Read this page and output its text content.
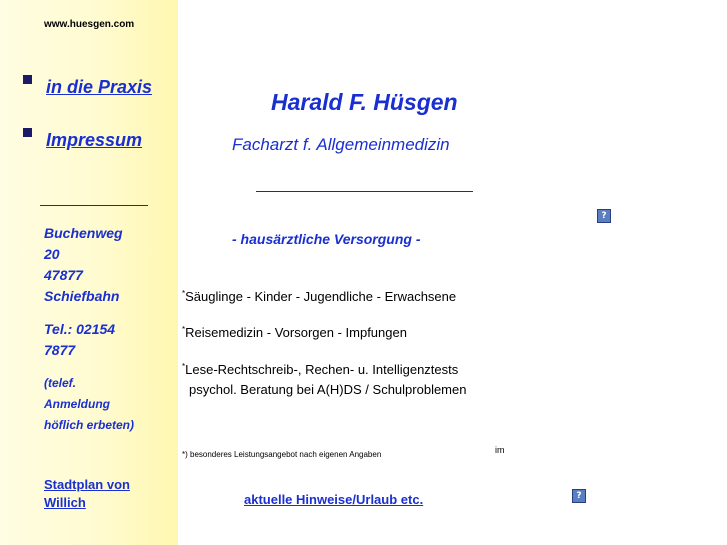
www.huesgen.com
in die Praxis
Impressum
Buchenweg
20
47877
Schiefbahn
Tel.: 02154
7877
(telef.
Anmeldung
höflich erbeten)
Stadtplan von
Willich
Harald F. Hüsgen
Facharzt f. Allgemeinmedizin
?
- hausärztliche Versorgung -
*Säuglinge - Kinder - Jugendliche - Erwachsene
*Reisemedizin - Vorsorgen - Impfungen
*Lese-Rechtschreib-, Rechen- u. Intelligenztests
psychol. Beratung bei A(H)DS / Schulproblemen
*) besonderes Leistungsangebot nach eigenen Angaben	im
?
aktuelle Hinweise/Urlaub etc.
